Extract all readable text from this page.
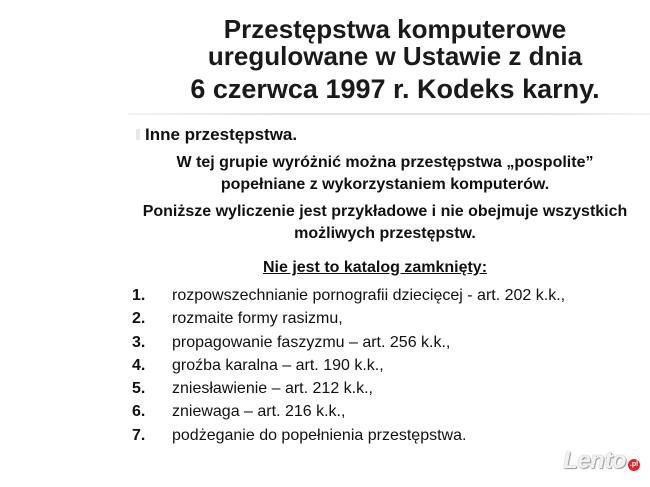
Przestępstwa komputerowe
uregulowane w Ustawie z dnia
6 czerwca 1997 r. Kodeks karny.
Inne przestępstwa.
W tej grupie wyróżnić można przestępstwa „pospolite” popełniane z wykorzystaniem komputerów.
Poniższe wyliczenie jest przykładowe i nie obejmuje wszystkich możliwych przestępstw.
Nie jest to katalog zamknięty:
1. rozpowszechnianie pornografii dziecięcej - art. 202 k.k.,
2. rozmaite formy rasizmu,
3. propagowanie faszyzmu – art. 256 k.k.,
4. groźba karalna – art. 190 k.k.,
5. zniesławienie – art. 212 k.k.,
6. zniewaga – art. 216 k.k.,
7. podżeganie do popełnienia przestępstwa.
Lento .pl
